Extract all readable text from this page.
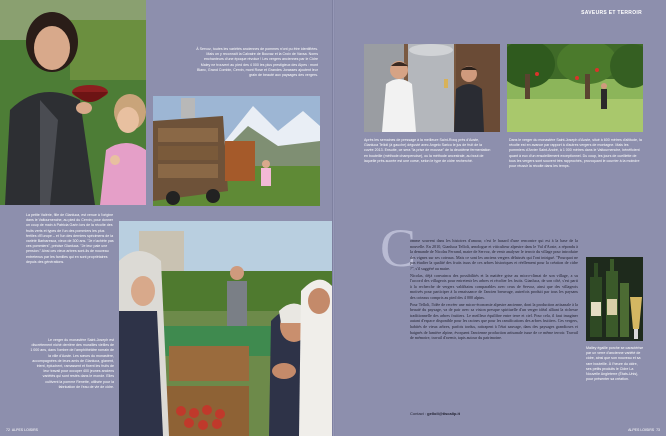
À Servoz, toutes les variétés anciennes de pommes n'ont pu être identifiées. Mais on y reconnaît la Calvaire de Bouvaz et la Croix de Vaxsa. Noms enchanteurs d'une époque révolue ! Les vergers anciennes par le Cidre Maley ne trouvent au pied des 4 000 les plus prestigieux des Alpes : mont Blanc, Grand Combin, Cervin, mont Rose et Grandes Jorasses ajoutent leur grain de beauté aux paysages des vergers.

La petite Valérie, fille de Gianluca, est venue à l'origine dans le Valtournenche, au pied du Cervin, pour donner un coup de main à Patricia Garin lors de la récolte des fruits verts et types de l'un des pommiers les plus fertiles d'Europe – et l'un des derniers spécimens de la variété Barbaresca, vieux de 300 ans. "Je n'achète pas ces pommiers", précise Gianluca. "Je leur paie une pension." Ainsi ces vieux arbres sont-ils de nouveau entretenus par les familles qui en sont propriétaires depuis des générations.

Le verger du monastère Saint-Joseph est discrètement niché derrière des murailles vieilles de 1 000 ans, dans l'ombre de l'amphithéâtre romain de la ville d'Aoste. Les sœurs du monastère, accompagnées de leurs amis de Gianluca, glanent, trient, épluchent, ramassent et fixent les fruits de leur travail pour occuper 400 jeunes anciens variétés qui sont restés dans le monde. Elles cultivent la pomme Renette, utilisée pour la fabrication de l'eau de vie de cidre.

72 ALPES LOISIRS
SAVEURS ET TERROIR

Après les semaines de pressage à la meilleure Saint-Rocq près d'Aoste, Gianluca Telloli (à gauche) dégusté avec Angelo Sarico le jus de fruit de la cuvée 2013. Ensuite, ce sera "la prise de mousse" de la deuxième fermentation en bouteille (méthode champenoise), ou la méthode ancestrale, au bout de laquelle près-sucrée est une corse, selon le type de cidre recherché.

Dans le verger du monastère Saint-Joseph d'Aoste, situé à 600 mètres d'altitude, la récolte est en avance par rapport à d'autres vergers de montagne. Mais les pommiers d'Arvier Saint-André, à 1 000 mètres dans le Valtournenche, bénéficient quant à eux d'un ensoleillement exceptionnel. Du coup, les jours de cueillette de tous les vergers sont souvent très rapprochés, provoquant le courrier à la moindre pour réussir la récolte dans les temps.

C

omme souvent dans les histoires d'amour, c'est le hasard d'une rencontre qui est à la base de la nouvelle. En 2010, Gianluca Telloli, œnologue et viticulteur alpestre dans le Val d'Aoste, a répondu à la demande de Nicolas Ferrand, maire de Servoz, de venir analyser le terroir du village pour introduire des vignes sur ses coteaux. Mais ce sont les anciens vergers délaissés qui l'ont intrigué. "Pourquoi ne pas étudier la qualité des fruits issus de ces arbres historiques et réellement pour la création de cidre ?", s'il suggéré au maire.

Nicolas, déjà convaincu des possibilités et la matière grise au micro-climat de son village, a su l'accord des villageois pour entretenir les arbres et récolter les fruits. Gianluca, de son côté, s'est parti à la recherche de vergers valdôtains comparables avec ceux de Servoz, ainsi que des villageois motivés pour participer à la renaissance de l'ancien breuvage, autrefois produit par tous les paysans des coteaux compris au pied des 4 000 alpins.

Pour Telloli, l'idée de recréer une micro-économie alpestre ancienne, dont la production artisanale à la beauté du paysage, va de pair avec sa vision presque spirituelle d'un verger idéal alliant la richesse traditionnelle des arbres fruitiers. Le meilleur équilibre entre terre et ciel. Pour cela, il faut imaginer autant d'espace disponible pour les racines que pour les ramifications des arbres fruitiers. Ces vergers, habités de vieux arbres, parfois tordus, rattrapent à l'état sauvage, dans des paysages grandioses et baignés de lumière alpine, évoquent l'ancienne production artisanale issue de ce même terroir. Travail de mémoire, travail d'avenir, tapis autour du patrimoine.

Contact : gelloli@tiscalip.it

Malley égaille porche se caractérise par un verre d'ancienne variété de cidre, ainsi que son nouveau et sa rare bouteille. À l'heure du cidre, ses petits produits le Cidre La Nouvelle Angleterre (États-Unis), pour présenter sa création.

ALPES LOISIRS 73
